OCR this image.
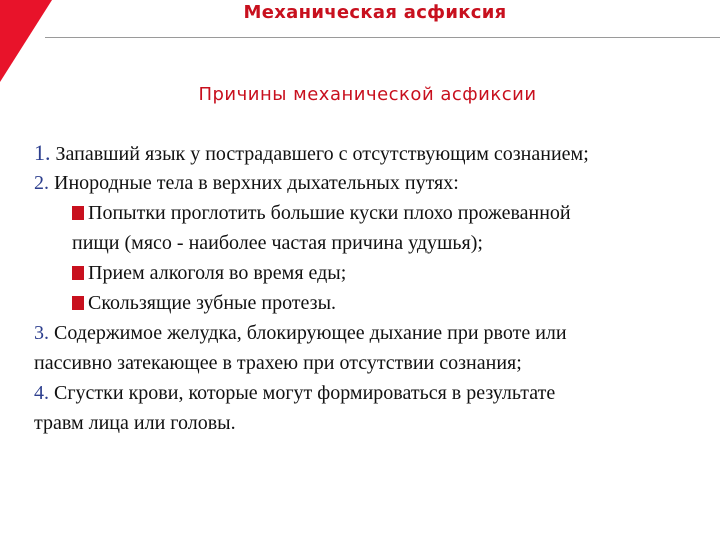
Механическая асфиксия
Причины механической асфиксии
1. Запавший язык у пострадавшего с отсутствующим сознанием;
2. Инородные тела в верхних дыхательных путях:
Попытки проглотить большие куски плохо прожеванной
пищи (мясо - наиболее частая причина удушья);
Прием алкоголя во время еды;
Скользящие зубные протезы.
3. Содержимое желудка, блокирующее дыхание при рвоте или
пассивно затекающее в трахею при отсутствии сознания;
4. Сгустки крови, которые могут формироваться в результате
травм лица или головы.
